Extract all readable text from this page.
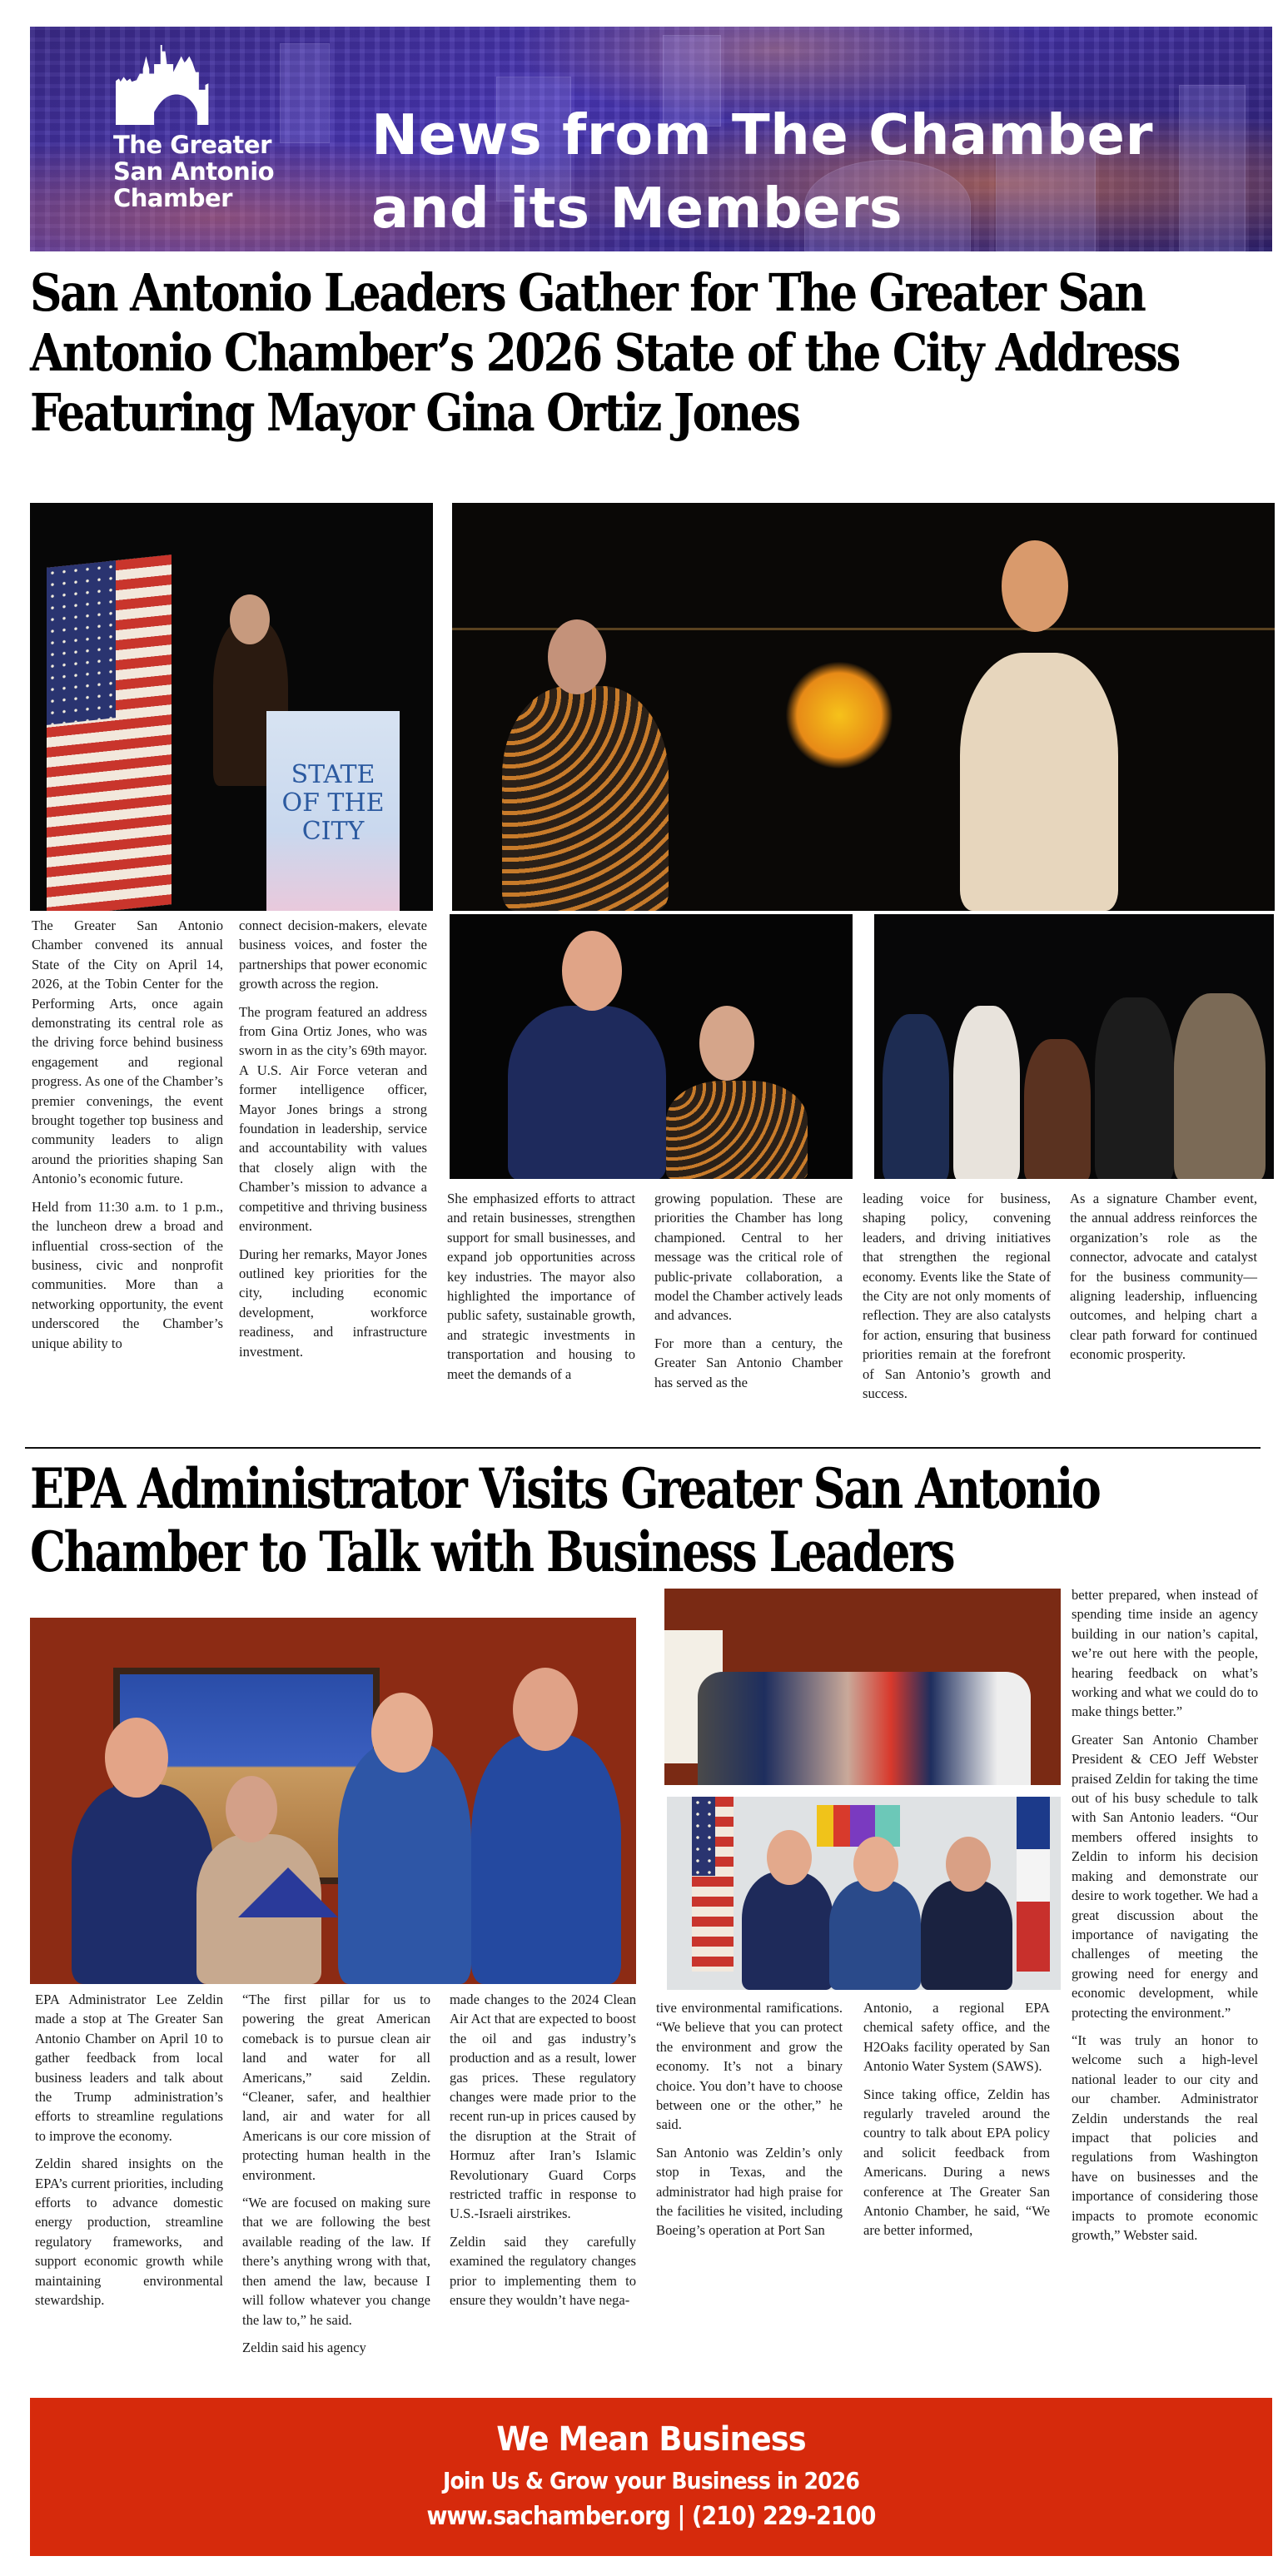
The Greater
San Antonio
Chamber
News from The Chamber
and its Members
San Antonio Leaders Gather for The Greater San Antonio Chamber’s 2026 State of the City Address Featuring Mayor Gina Ortiz Jones
STATE OF THE CITY

The Greater San Antonio Chamber convened its annual State of the City on April 14, 2026, at the Tobin Center for the Performing Arts, once again demonstrating its central role as the driving force behind business engagement and regional progress. As one of the Chamber’s premier convenings, the event brought together top business and community leaders to align around the priorities shaping San Antonio’s economic future.

Held from 11:30 a.m. to 1 p.m., the luncheon drew a broad and influential cross-section of the business, civic and nonprofit communities. More than a networking opportunity, the event underscored the Chamber’s unique ability to

connect decision-makers, elevate business voices, and foster the partnerships that power economic growth across the region.

The program featured an address from Gina Ortiz Jones, who was sworn in as the city’s 69th mayor. A U.S. Air Force veteran and former intelligence officer, Mayor Jones brings a strong foundation in leadership, service and accountability with values that closely align with the Chamber’s mission to advance a competitive and thriving business environment.

During her remarks, Mayor Jones outlined key priorities for the city, including economic development, workforce readiness, and infrastructure investment.

She emphasized efforts to attract and retain businesses, strengthen support for small businesses, and expand job opportunities across key industries. The mayor also highlighted the importance of public safety, sustainable growth, and strategic investments in transportation and housing to meet the demands of a

growing population. These are priorities the Chamber has long championed. Central to her message was the critical role of public-private collaboration, a model the Chamber actively leads and advances.

For more than a century, the Greater San Antonio Chamber has served as the

leading voice for business, shaping policy, convening leaders, and driving initiatives that strengthen the regional economy. Events like the State of the City are not only moments of reflection. They are also catalysts for action, ensuring that business priorities remain at the forefront of San Antonio’s growth and success.

As a signature Chamber event, the annual address reinforces the organization’s role as the connector, advocate and catalyst for the business community—aligning leadership, influencing outcomes, and helping chart a clear path forward for continued economic prosperity.

EPA Administrator Visits Greater San Antonio Chamber to Talk with Business Leaders

EPA Administrator Lee Zeldin made a stop at The Greater San Antonio Chamber on April 10 to gather feedback from local business leaders and talk about the Trump administration’s efforts to streamline regulations to improve the economy.

Zeldin shared insights on the EPA’s current priorities, including efforts to advance domestic energy production, streamline regulatory frameworks, and support economic growth while maintaining environmental stewardship.

“The first pillar for us to powering the great American comeback is to pursue clean air land and water for all Americans,” said Zeldin. “Cleaner, safer, and healthier land, air and water for all Americans is our core mission of protecting human health in the environment.

“We are focused on making sure that we are following the best available reading of the law. If there’s anything wrong with that, then amend the law, because I will follow whatever you change the law to,” he said.

Zeldin said his agency

made changes to the 2024 Clean Air Act that are expected to boost the oil and gas industry’s production and as a result, lower gas prices. These regulatory changes were made prior to the recent run-up in prices caused by the disruption at the Strait of Hormuz after Iran’s Islamic Revolutionary Guard Corps restricted traffic in response to U.S.-Israeli airstrikes.

Zeldin said they carefully examined the regulatory changes prior to implementing them to ensure they wouldn’t have nega-

tive environmental ramifications. “We believe that you can protect the environment and grow the economy. It’s not a binary choice. You don’t have to choose between one or the other,” he said.

San Antonio was Zeldin’s only stop in Texas, and the administrator had high praise for the facilities he visited, including Boeing’s operation at Port San

Antonio, a regional EPA chemical safety office, and the H2Oaks facility operated by San Antonio Water System (SAWS).

Since taking office, Zeldin has regularly traveled around the country to talk about EPA policy and solicit feedback from Americans. During a news conference at The Greater San Antonio Chamber, he said, “We are better informed,

better prepared, when instead of spending time inside an agency building in our nation’s capital, we’re out here with the people, hearing feedback on what’s working and what we could do to make things better.”

Greater San Antonio Chamber President & CEO Jeff Webster praised Zeldin for taking the time out of his busy schedule to talk with San Antonio leaders. “Our members offered insights to Zeldin to inform his decision making and demonstrate our desire to work together. We had a great discussion about the importance of navigating the challenges of meeting the growing need for energy and economic development, while protecting the environment.”

“It was truly an honor to welcome such a high-level national leader to our city and our chamber. Administrator Zeldin understands the real impact that policies and regulations from Washington have on businesses and the importance of considering those impacts to promote economic growth,” Webster said.

We Mean Business
Join Us & Grow your Business in 2026
www.sachamber.org | (210) 229-2100
